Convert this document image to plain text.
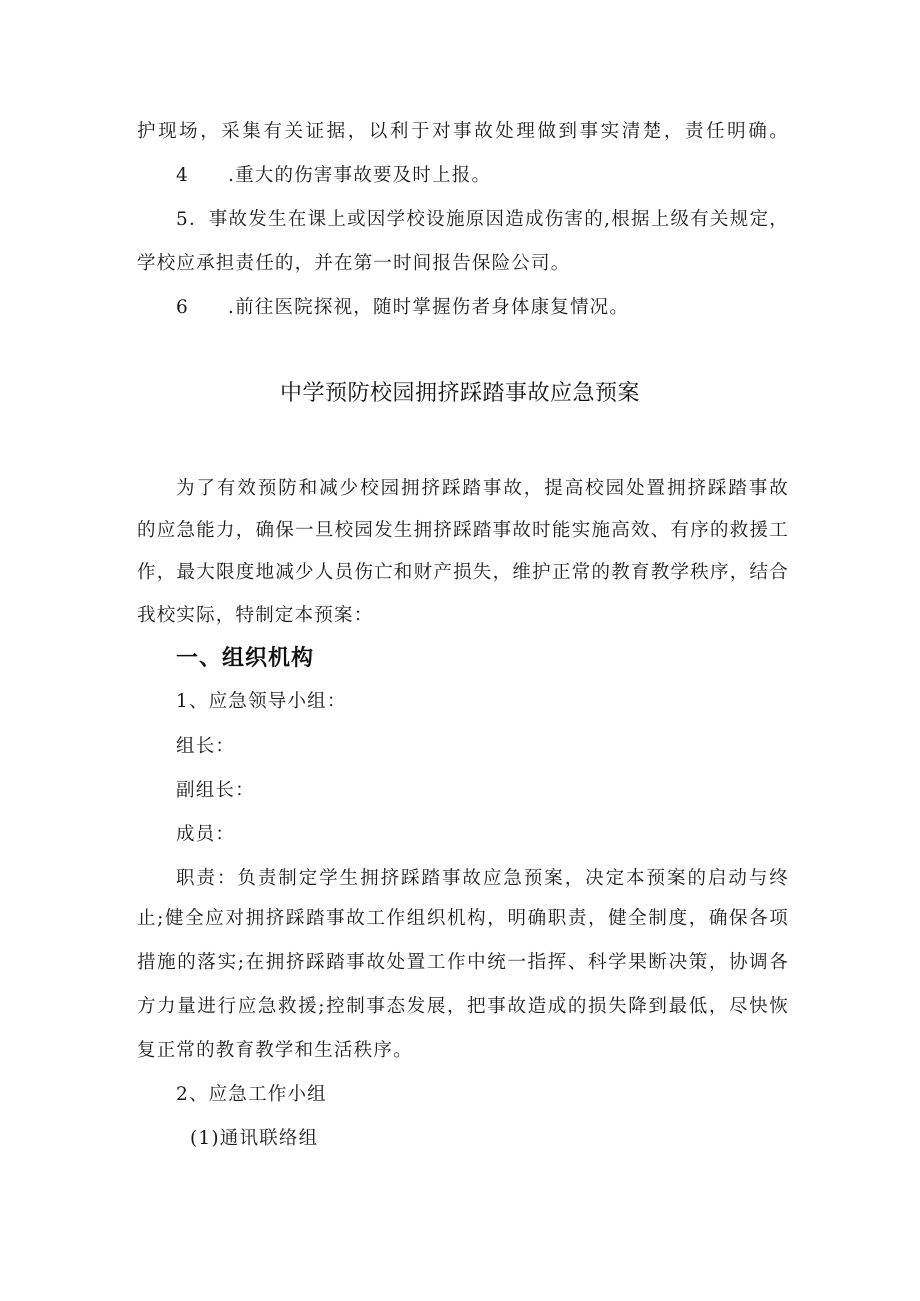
护现场，采集有关证据，以利于对事故处理做到事实清楚，责任明确。
4 .重大的伤害事故要及时上报。
5．事故发生在课上或因学校设施原因造成伤害的,根据上级有关规定，
学校应承担责任的，并在第一时间报告保险公司。
6 .前往医院探视，随时掌握伤者身体康复情况。
中学预防校园拥挤踩踏事故应急预案
为了有效预防和减少校园拥挤踩踏事故，提高校园处置拥挤踩踏事故
的应急能力，确保一旦校园发生拥挤踩踏事故时能实施高效、有序的救援工
作，最大限度地减少人员伤亡和财产损失，维护正常的教育教学秩序，结合
我校实际，特制定本预案：
一、组织机构
1、应急领导小组：
组长：
副组长：
成员：
职责：负责制定学生拥挤踩踏事故应急预案，决定本预案的启动与终
止;健全应对拥挤踩踏事故工作组织机构，明确职责，健全制度，确保各项
措施的落实;在拥挤踩踏事故处置工作中统一指挥、科学果断决策，协调各
方力量进行应急救援;控制事态发展，把事故造成的损失降到最低，尽快恢
复正常的教育教学和生活秩序。
2、应急工作小组
(1)通讯联络组
